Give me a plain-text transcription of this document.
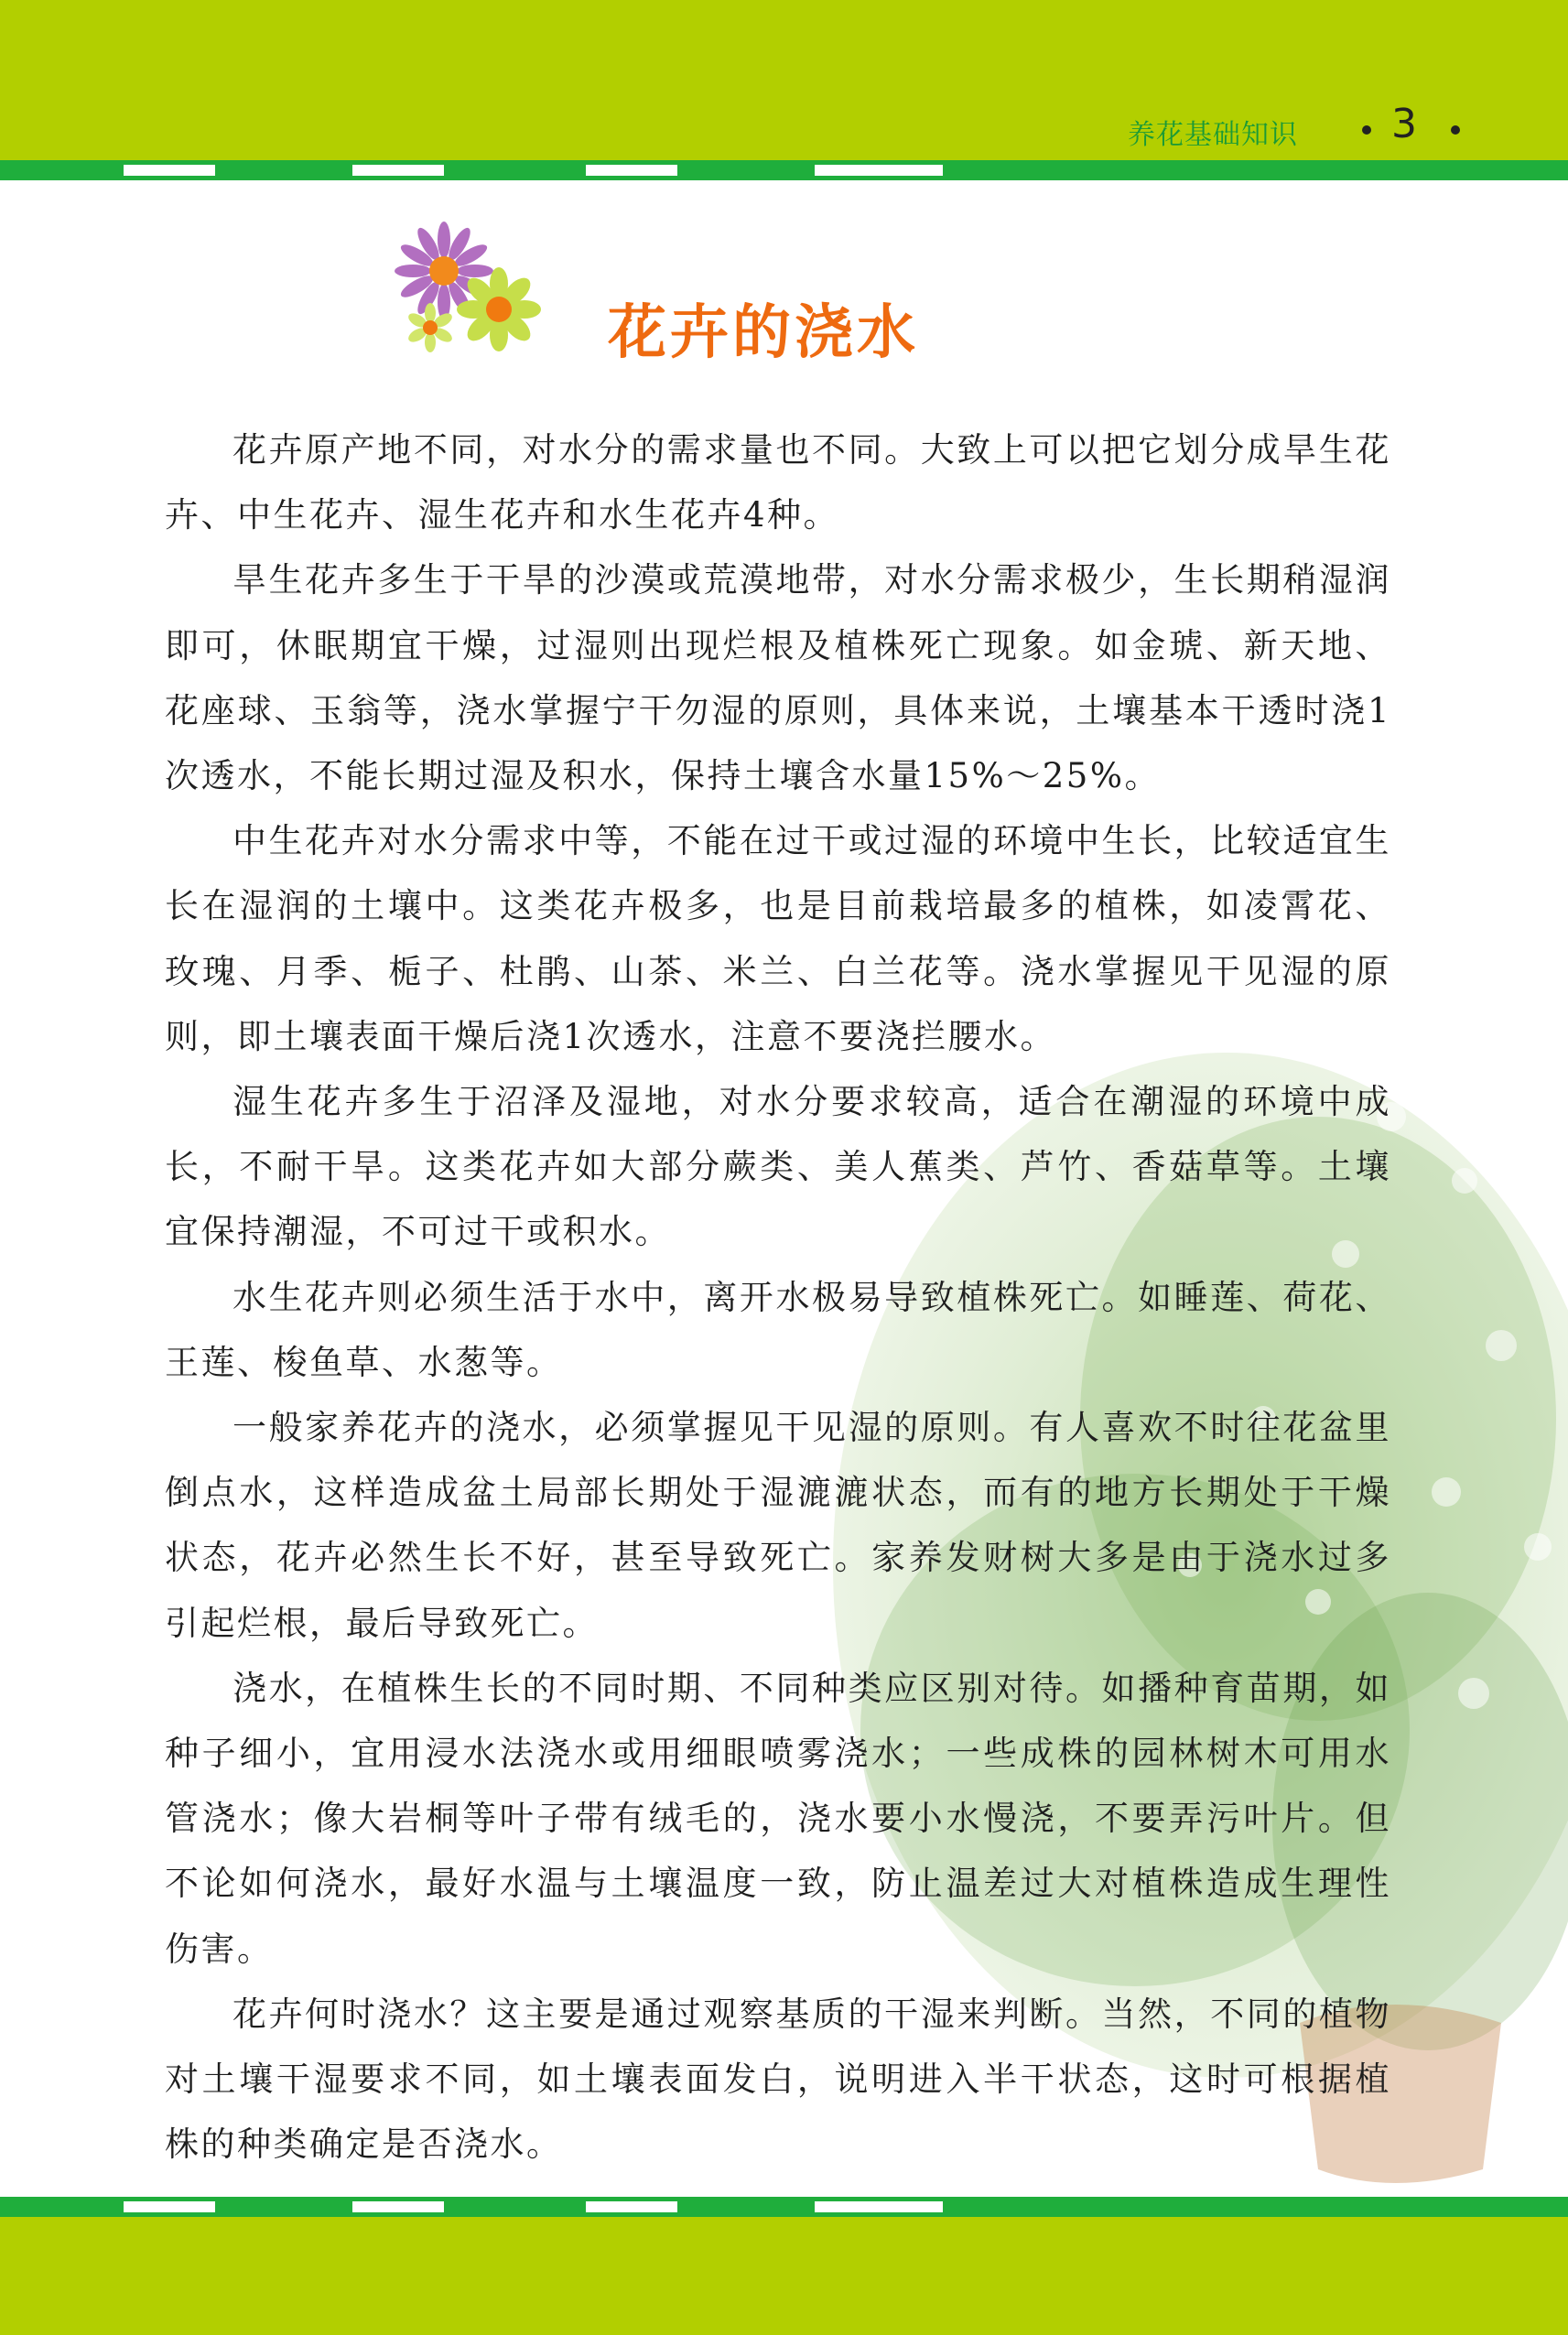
养花基础知识 3
花卉的浇水

花卉原产地不同，对水分的需求量也不同。大致上可以把它划分成旱生花卉、中生花卉、湿生花卉和水生花卉4种。

旱生花卉多生于干旱的沙漠或荒漠地带，对水分需求极少，生长期稍湿润即可，休眠期宜干燥，过湿则出现烂根及植株死亡现象。如金琥、新天地、花座球、玉翁等，浇水掌握宁干勿湿的原则，具体来说，土壤基本干透时浇1次透水，不能长期过湿及积水，保持土壤含水量15%～25%。

中生花卉对水分需求中等，不能在过干或过湿的环境中生长，比较适宜生长在湿润的土壤中。这类花卉极多，也是目前栽培最多的植株，如凌霄花、玫瑰、月季、栀子、杜鹃、山茶、米兰、白兰花等。浇水掌握见干见湿的原则，即土壤表面干燥后浇1次透水，注意不要浇拦腰水。

湿生花卉多生于沼泽及湿地，对水分要求较高，适合在潮湿的环境中成长，不耐干旱。这类花卉如大部分蕨类、美人蕉类、芦竹、香菇草等。土壤宜保持潮湿，不可过干或积水。

水生花卉则必须生活于水中，离开水极易导致植株死亡。如睡莲、荷花、王莲、梭鱼草、水葱等。

一般家养花卉的浇水，必须掌握见干见湿的原则。有人喜欢不时往花盆里倒点水，这样造成盆土局部长期处于湿漉漉状态，而有的地方长期处于干燥状态，花卉必然生长不好，甚至导致死亡。家养发财树大多是由于浇水过多引起烂根，最后导致死亡。

浇水，在植株生长的不同时期、不同种类应区别对待。如播种育苗期，如种子细小，宜用浸水法浇水或用细眼喷雾浇水；一些成株的园林树木可用水管浇水；像大岩桐等叶子带有绒毛的，浇水要小水慢浇，不要弄污叶片。但不论如何浇水，最好水温与土壤温度一致，防止温差过大对植株造成生理性伤害。

花卉何时浇水？这主要是通过观察基质的干湿来判断。当然，不同的植物对土壤干湿要求不同，如土壤表面发白，说明进入半干状态，这时可根据植株的种类确定是否浇水。
